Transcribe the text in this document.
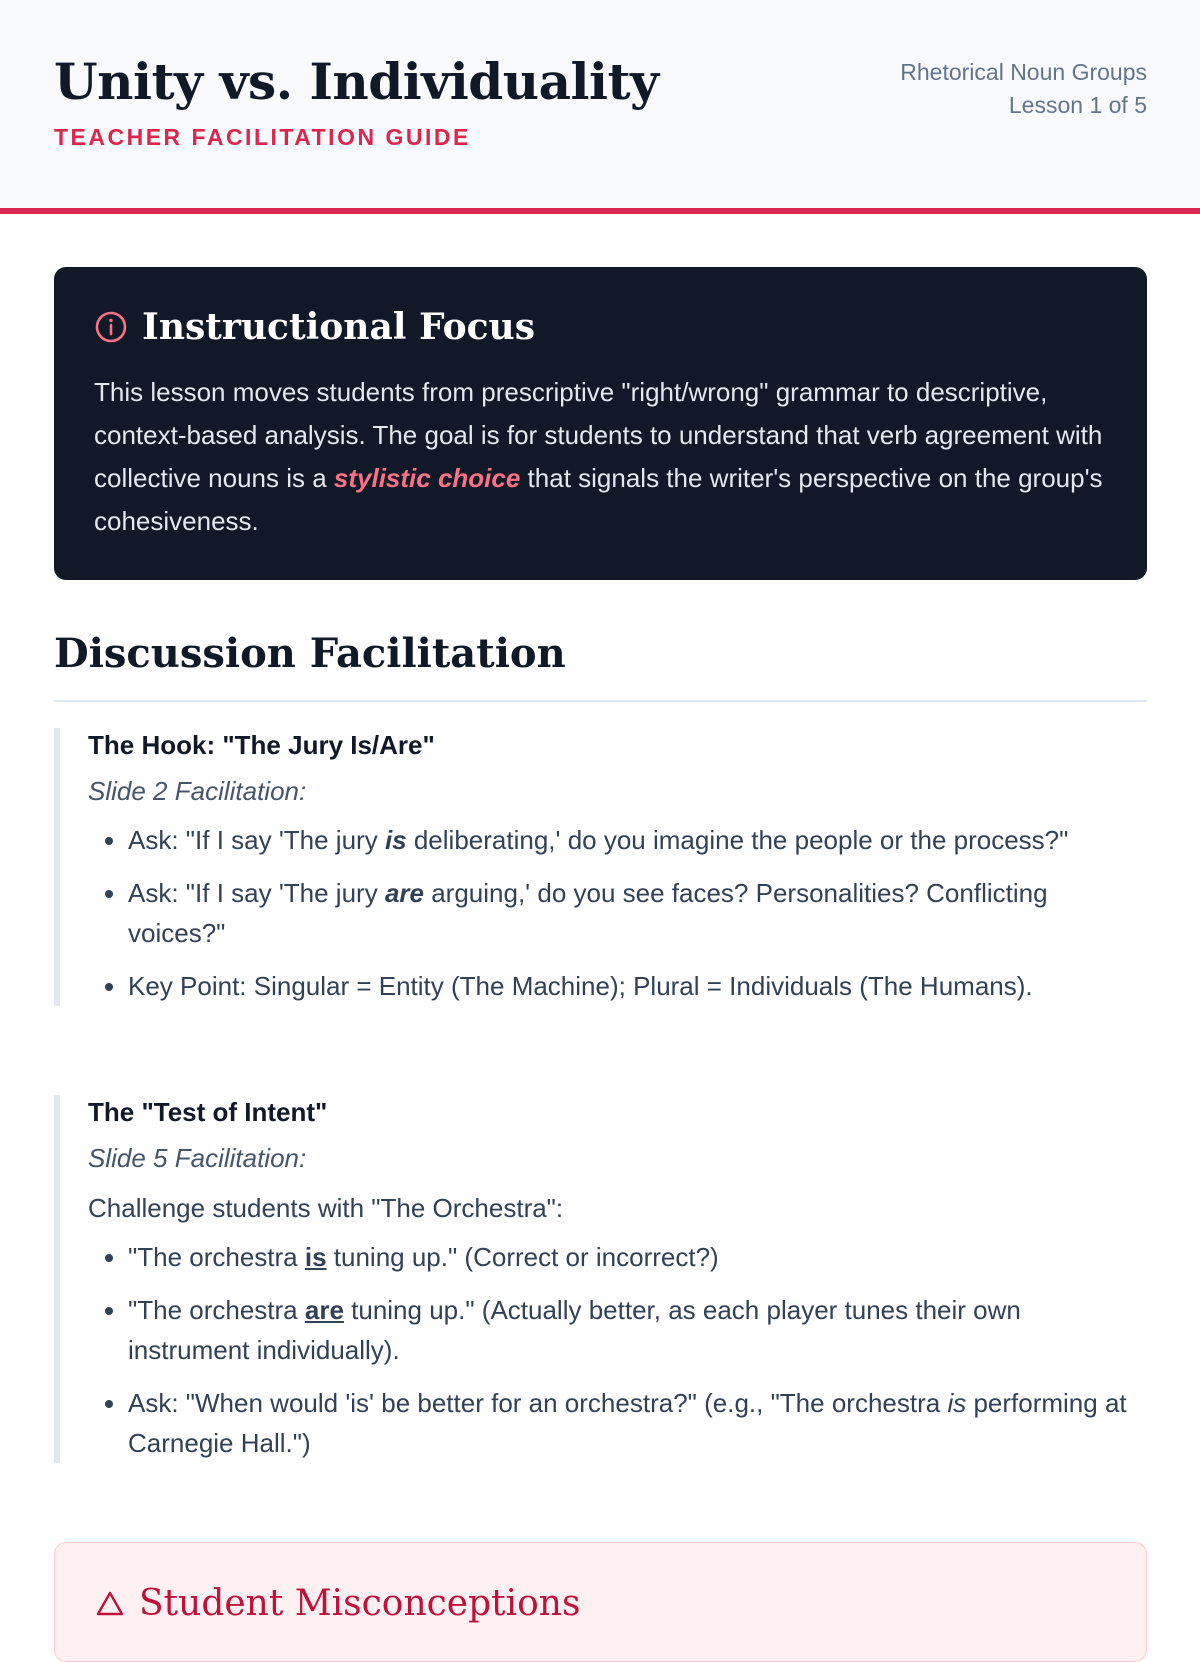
Unity vs. Individuality
TEACHER FACILITATION GUIDE
Rhetorical Noun Groups
Lesson 1 of 5
Instructional Focus

This lesson moves students from prescriptive "right/wrong" grammar to descriptive, context-based analysis. The goal is for students to understand that verb agreement with collective nouns is a stylistic choice that signals the writer's perspective on the group's cohesiveness.

Discussion Facilitation
The Hook: "The Jury Is/Are"
Slide 2 Facilitation:
• Ask: "If I say 'The jury is deliberating,' do you imagine the people or the process?"
• Ask: "If I say 'The jury are arguing,' do you see faces? Personalities? Conflicting voices?"
• Key Point: Singular = Entity (The Machine); Plural = Individuals (The Humans).
The "Test of Intent"
Slide 5 Facilitation:

Challenge students with "The Orchestra":

• "The orchestra is tuning up." (Correct or incorrect?)
• "The orchestra are tuning up." (Actually better, as each player tunes their own instrument individually).
• Ask: "When would 'is' be better for an orchestra?" (e.g., "The orchestra is performing at Carnegie Hall.")
Student Misconceptions
